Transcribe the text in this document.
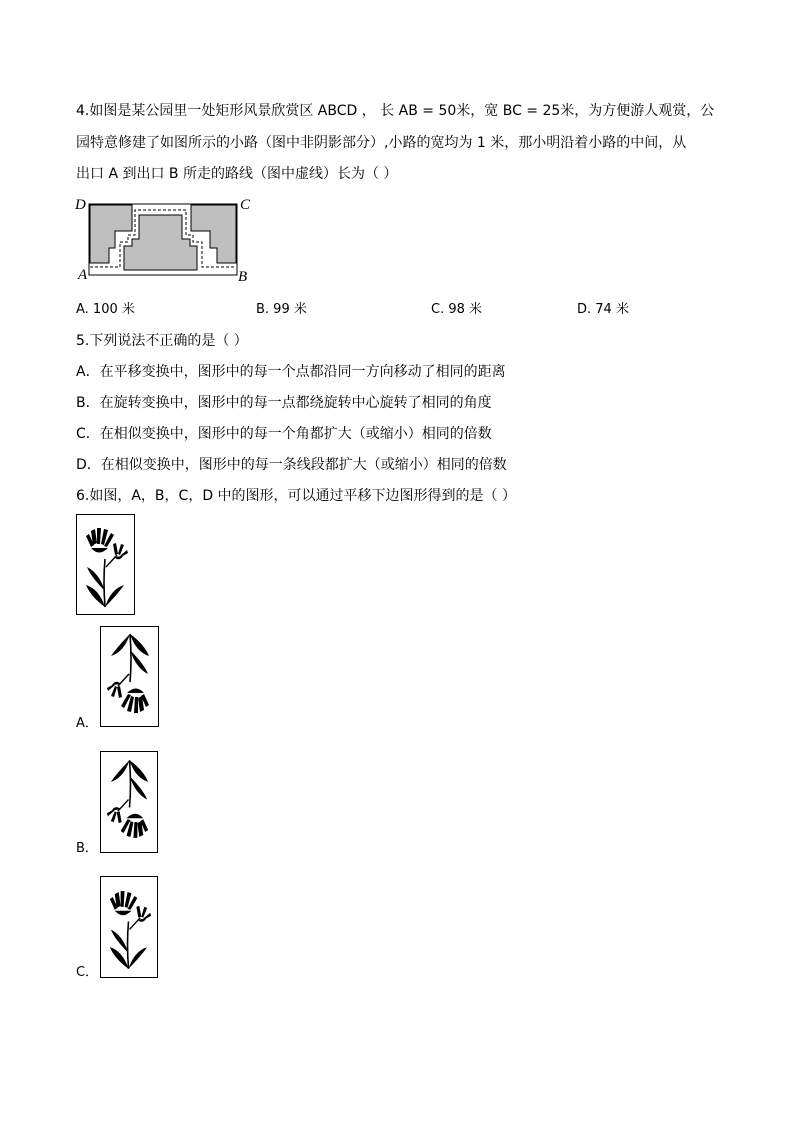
4.如图是某公园里一处矩形风景欣赏区 ABCD ， 长 AB = 50米，宽 BC = 25米，为方便游人观赏，公
园特意修建了如图所示的小路（图中非阴影部分）,小路的宽均为 1 米，那小明沿着小路的中间，从
出口 A 到出口 B 所走的路线（图中虚线）长为（ ）
A	B
C
D
A. 100 米	B. 99 米	C. 98 米	D. 74 米
5.下列说法不正确的是（ ）
A．在平移变换中，图形中的每一个点都沿同一方向移动了相同的距离
B．在旋转变换中，图形中的每一点都绕旋转中心旋转了相同的角度
C．在相似变换中，图形中的每一个角都扩大（或缩小）相同的倍数
D．在相似变换中，图形中的每一条线段都扩大（或缩小）相同的倍数
6.如图，A，B，C，D 中的图形，可以通过平移下边图形得到的是（ ）
A．
B．
C．
